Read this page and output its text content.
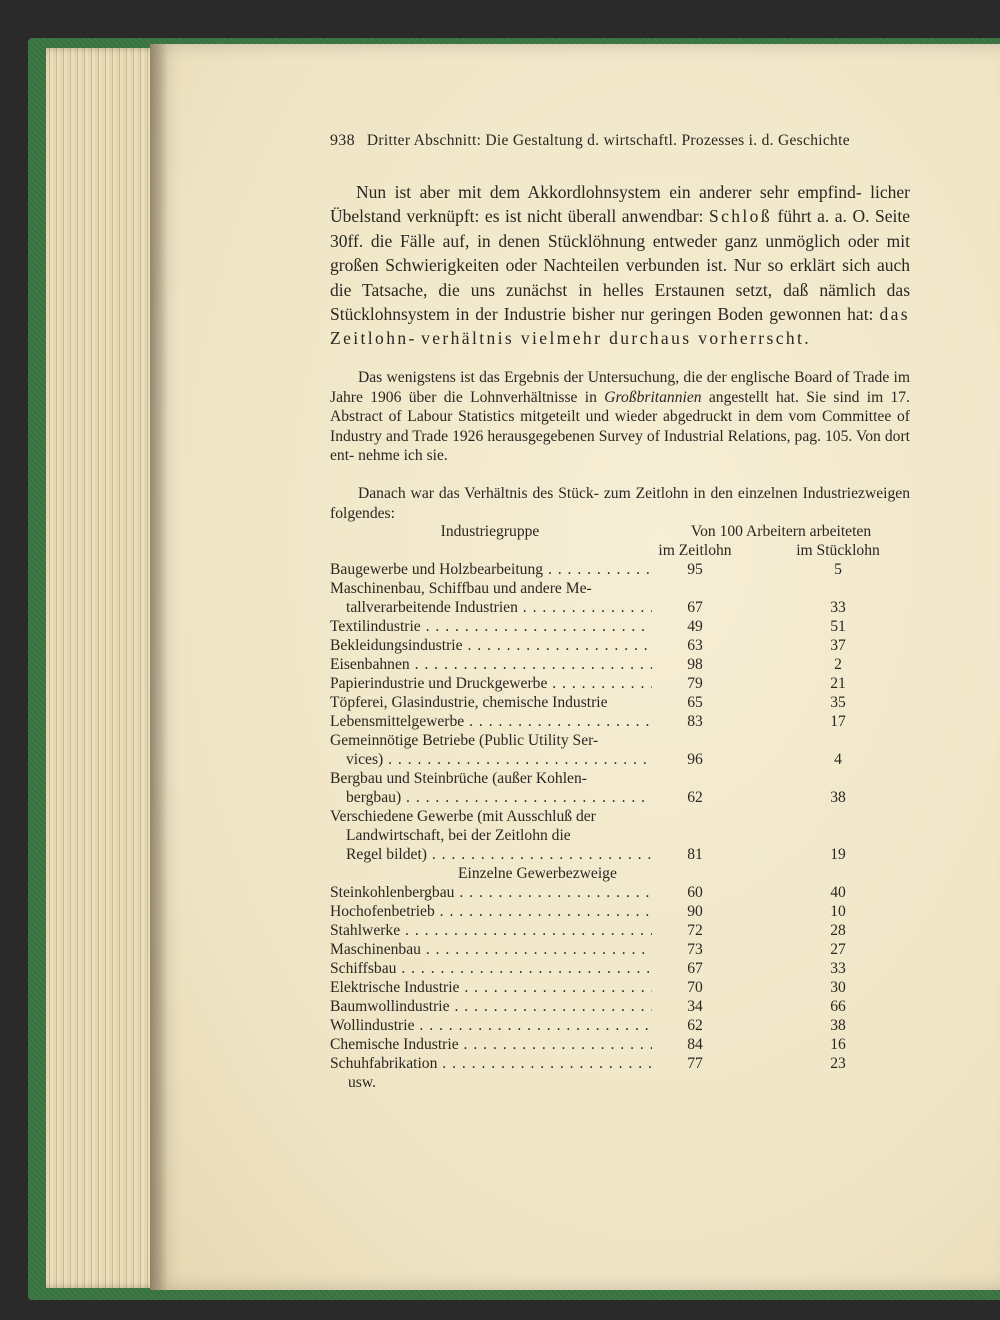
938 Dritter Abschnitt: Die Gestaltung d. wirtschaftl. Prozesses i. d. Geschichte
Nun ist aber mit dem Akkordlohnsystem ein anderer sehr empfind- licher Übelstand verknüpft: es ist nicht überall anwendbar: Schloß führt a. a. O. Seite 30ff. die Fälle auf, in denen Stücklöhnung entweder ganz unmöglich oder mit großen Schwierigkeiten oder Nachteilen verbunden ist. Nur so erklärt sich auch die Tatsache, die uns zunächst in helles Erstaunen setzt, daß nämlich das Stücklohnsystem in der Industrie bisher nur geringen Boden gewonnen hat: das Zeitlohn- verhältnis vielmehr durchaus vorherrscht.
Das wenigstens ist das Ergebnis der Untersuchung, die der englische Board of Trade im Jahre 1906 über die Lohnverhältnisse in Großbritannien angestellt hat. Sie sind im 17. Abstract of Labour Statistics mitgeteilt und wieder abgedruckt in dem vom Committee of Industry and Trade 1926 herausgegebenen Survey of Industrial Relations, pag. 105. Von dort ent- nehme ich sie.
Danach war das Verhältnis des Stück- zum Zeitlohn in den einzelnen Industriezweigen folgendes:
Industriegruppe	Von 100 Arbeitern arbeiteten
im Zeitlohn	im Stücklohn
Baugewerbe und Holzbearbeitung . . .	95	5
Maschinenbau, Schiffbau und andere Me-
tallverarbeitende Industrien . . .	67	33
Textilindustrie . . .	49	51
Bekleidungsindustrie . . .	63	37
Eisenbahnen . . .	98	2
Papierindustrie und Druckgewerbe . . .	79	21
Töpferei, Glasindustrie, chemische Industrie	65	35
Lebensmittelgewerbe . . .	83	17
Gemeinnötige Betriebe (Public Utility Ser-
vices) . . .	96	4
Bergbau und Steinbrüche (außer Kohlen-
bergbau) . . .	62	38
Verschiedene Gewerbe (mit Ausschluß der
Landwirtschaft, bei der Zeitlohn die
Regel bildet) . . .	81	19
Einzelne Gewerbezweige
Steinkohlenbergbau . . .	60	40
Hochofenbetrieb . . .	90	10
Stahlwerke . . .	72	28
Maschinenbau . . .	73	27
Schiffsbau . . .	67	33
Elektrische Industrie . . .	70	30
Baumwollindustrie . . .	34	66
Wollindustrie . . .	62	38
Chemische Industrie . . .	84	16
Schuhfabrikation . . .	77	23
usw.
